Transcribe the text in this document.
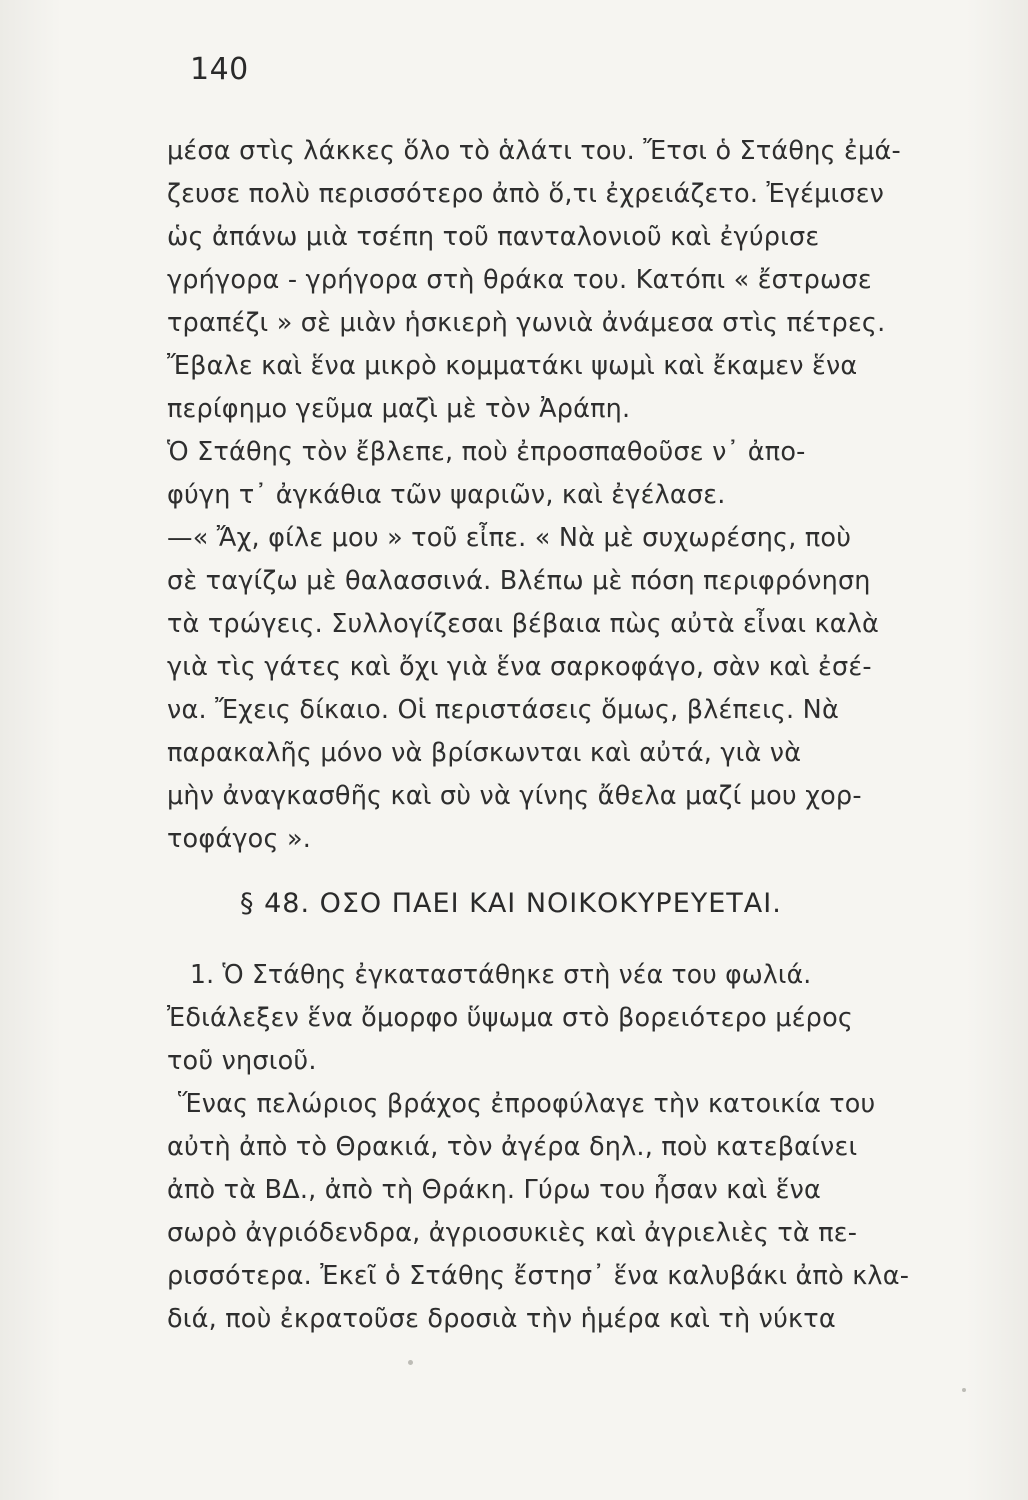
140
μέσα στὶς λάκκες ὅλο τὸ ἁλάτι του. Ἔτσι ὁ Στάθης ἐμά-
ζευσε πολὺ περισσότερο ἀπὸ ὅ,τι ἐχρειάζετο. Ἐγέμισεν
ὡς ἀπάνω μιὰ τσέπη τοῦ πανταλονιοῦ καὶ ἐγύρισε
γρήγορα - γρήγορα στὴ θράκα του. Κατόπι « ἔστρωσε
τραπέζι » σὲ μιὰν ἡσκιερὴ γωνιὰ ἀνάμεσα στὶς πέτρες.
Ἔβαλε καὶ ἕνα μικρὸ κομματάκι ψωμὶ καὶ ἔκαμεν ἕνα
περίφημο γεῦμα μαζὶ μὲ τὸν Ἀράπη.
Ὁ Στάθης τὸν ἔβλεπε, ποὺ ἐπροσπαθοῦσε ν᾽ ἀπο-
φύγη τ᾽ ἀγκάθια τῶν ψαριῶν, καὶ ἐγέλασε.
—« Ἄχ, φίλε μου » τοῦ εἶπε. « Νὰ μὲ συχωρέσης, ποὺ
σὲ ταγίζω μὲ θαλασσινά. Βλέπω μὲ πόση περιφρόνηση
τὰ τρώγεις. Συλλογίζεσαι βέβαια πὼς αὐτὰ εἶναι καλὰ
γιὰ τὶς γάτες καὶ ὄχι γιὰ ἕνα σαρκοφάγο, σὰν καὶ ἐσέ-
να. Ἔχεις δίκαιο. Οἱ περιστάσεις ὅμως, βλέπεις. Νὰ
παρακαλῆς μόνο νὰ βρίσκωνται καὶ αὐτά, γιὰ νὰ
μὴν ἀναγκασθῆς καὶ σὺ νὰ γίνης ἄθελα μαζί μου χορ-
τοφάγος ».
§ 48. ΟΣΟ ΠΑΕΙ ΚΑΙ ΝΟΙΚΟΚΥΡΕΥΕΤΑΙ.
1. Ὁ Στάθης ἐγκαταστάθηκε στὴ νέα του φωλιά.
Ἐδιάλεξεν ἕνα ὄμορφο ὕψωμα στὸ βορειότερο μέρος
τοῦ νησιοῦ.
Ἕνας πελώριος βράχος ἐπροφύλαγε τὴν κατοικία του
αὐτὴ ἀπὸ τὸ Θρακιά, τὸν ἀγέρα δηλ., ποὺ κατεβαίνει
ἀπὸ τὰ ΒΔ., ἀπὸ τὴ Θράκη. Γύρω του ἦσαν καὶ ἕνα
σωρὸ ἀγριόδενδρα, ἀγριοσυκιὲς καὶ ἀγριελιὲς τὰ πε-
ρισσότερα. Ἐκεῖ ὁ Στάθης ἔστησ᾽ ἕνα καλυβάκι ἀπὸ κλα-
διά, ποὺ ἐκρατοῦσε δροσιὰ τὴν ἡμέρα καὶ τὴ νύκτα
